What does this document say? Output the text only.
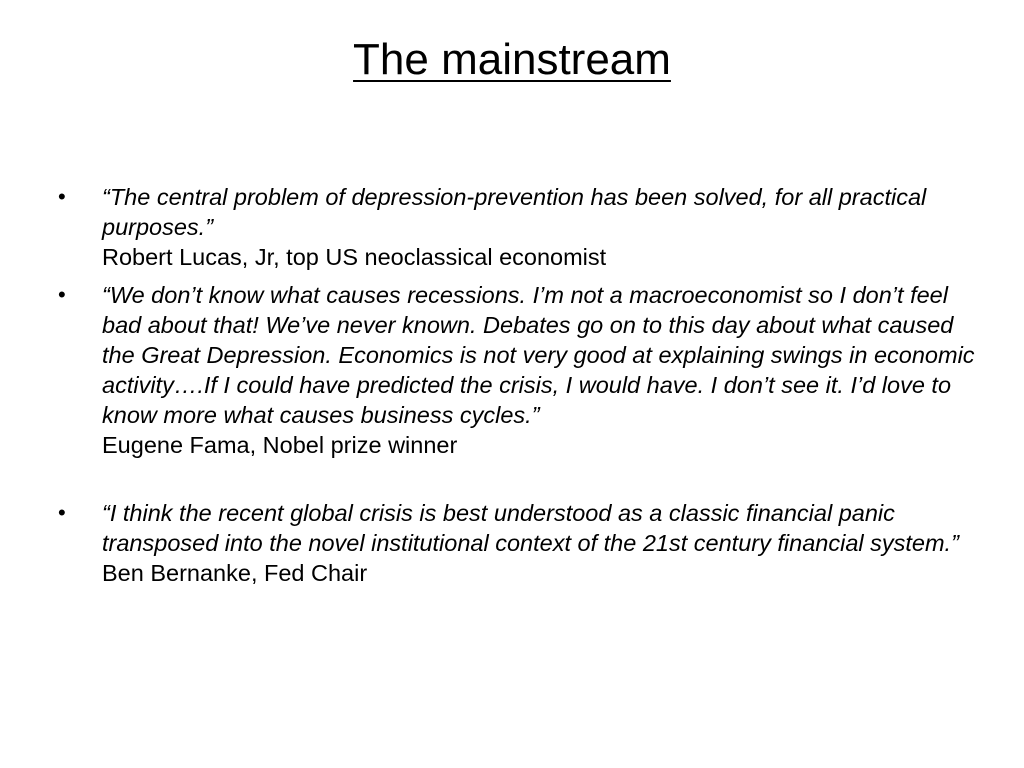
The mainstream
•	“The central problem of depression-prevention has been solved, for all practical purposes.”
Robert Lucas, Jr, top US neoclassical economist
•	“We don’t know what causes recessions. I’m not a macroeconomist so I don’t feel bad about that! We’ve never known. Debates go on to this day about what caused the Great Depression. Economics is not very good at explaining swings in economic activity….If I could have predicted the crisis, I would have. I don’t see it. I’d love to know more what causes business cycles.”
Eugene Fama, Nobel prize winner
•	“I think the recent global crisis is best understood as a classic financial panic transposed into the novel institutional context of the 21st century financial system.”
Ben Bernanke, Fed Chair
